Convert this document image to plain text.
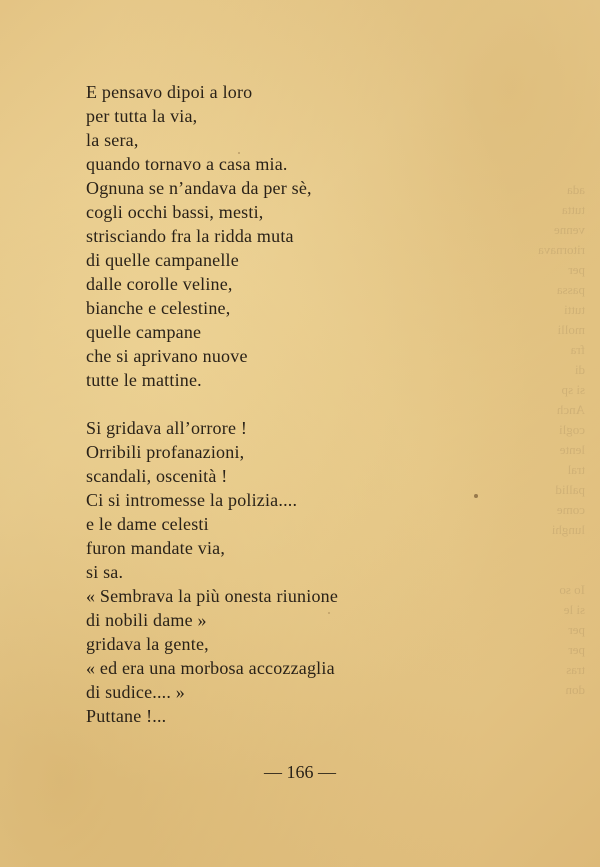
ada
tutta
venne
ritornava
per
passa
tutti
molli
fra
di
si sp
Anch
cogli
lente
tral
pallid
come
lunghi

Io so
si le
per
per
tras
don
E pensavo dipoi a loro
per tutta la via,
la sera,
quando tornavo a casa mia.
Ognuna se n’andava da per sè,
cogli occhi bassi, mesti,
strisciando fra la ridda muta
di quelle campanelle
dalle corolle veline,
bianche e celestine,
quelle campane
che si aprivano nuove
tutte le mattine.
Si gridava all’orrore !
Orribili profanazioni,
scandali, oscenità !
Ci si intromesse la polizia....
e le dame celesti
furon mandate via,
si sa.
« Sembrava la più onesta riunione
di nobili dame »
gridava la gente,
« ed era una morbosa accozzaglia
di sudice.... »
Puttane !...
— 166 —
